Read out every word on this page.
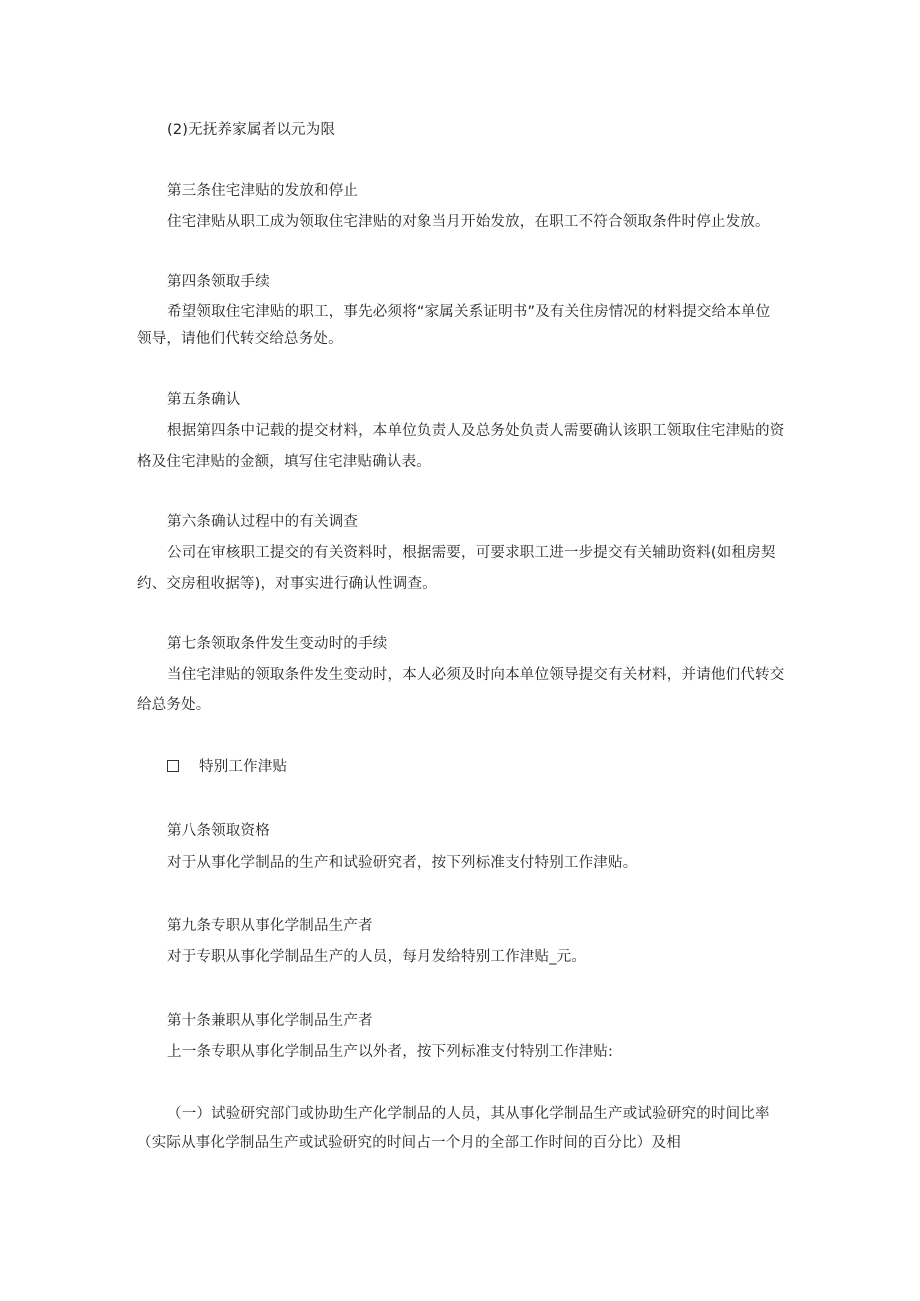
(2)无抚养家属者以元为限
第三条住宅津贴的发放和停止
住宅津贴从职工成为领取住宅津贴的对象当月开始发放，在职工不符合领取条件时停止发放。
第四条领取手续
希望领取住宅津贴的职工，事先必须将“家属关系证明书”及有关住房情况的材料提交给本单位
领导，请他们代转交给总务处。
第五条确认
根据第四条中记载的提交材料，本单位负责人及总务处负责人需要确认该职工领取住宅津贴的资
格及住宅津贴的金额，填写住宅津贴确认表。
第六条确认过程中的有关调查
公司在审核职工提交的有关资料时，根据需要，可要求职工进一步提交有关辅助资料(如租房契
约、交房租收据等)，对事实进行确认性调查。
第七条领取条件发生变动时的手续
当住宅津贴的领取条件发生变动时，本人必须及时向本单位领导提交有关材料，并请他们代转交
给总务处。
特别工作津贴
第八条领取资格
对于从事化学制品的生产和试验研究者，按下列标准支付特别工作津贴。
第九条专职从事化学制品生产者
对于专职从事化学制品生产的人员，每月发给特别工作津贴_元。
第十条兼职从事化学制品生产者
上一条专职从事化学制品生产以外者，按下列标准支付特别工作津贴:
（一）试验研究部门或协助生产化学制品的人员，其从事化学制品生产或试验研究的时间比率
（实际从事化学制品生产或试验研究的时间占一个月的全部工作时间的百分比）及相
